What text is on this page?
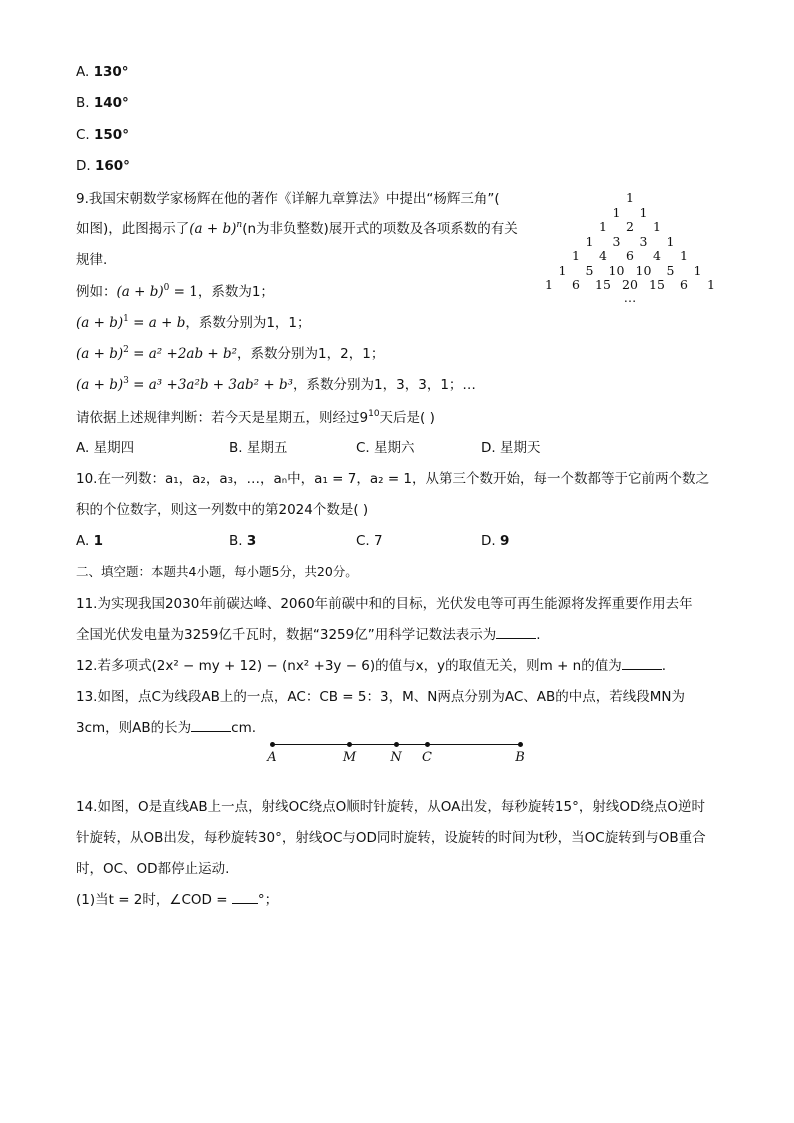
A. 130°
B. 140°
C. 150°
D. 160°
9.我国宋朝数学家杨辉在他的著作《详解九章算法》中提出“杨辉三角”(
如图)，此图揭示了$(a + b)^n(n$为非负整数)展开式的项数及各项系数的有关
规律.
例如：$(a + b)^0 = 1$，系数为1；
$(a + b)^1 = a + b$，系数分别为1，1；
$(a + b)^2 = a^2 +2ab + b^2$，系数分别为1，2，1；
$(a + b)^3 = a^3 +3a^2b + 3ab^2 + b^3$，系数分别为1，3，3，1；…
请依据上述规律判断：若今天是星期五，则经过$9^{10}$天后是( )
A. 星期四	B. 星期五	C. 星期六	D. 星期天
1
1 1
1 2 1
1 3 3 1
1 4 6 4 1
1 5 10 10 5 1
1 6 15 20 15 6 1
…
10.在一列数：a₁，a₂，a₃，…，aₙ中，a₁ = 7，a₂ = 1，从第三个数开始，每一个数都等于它前两个数之
积的个位数字，则这一列数中的第2024个数是( )
A. 1	B. 3	C. 7	D. 9
二、填空题：本题共4小题，每小题5分，共20分。
11.为实现我国2030年前碳达峰、2060年前碳中和的目标，光伏发电等可再生能源将发挥重要作用去年
全国光伏发电量为3259亿千瓦时，数据“3259亿”用科学记数法表示为	.
12.若多项式(2x² − my + 12) − (nx² +3y − 6)的值与x，y的取值无关，则m + n的值为	.
13.如图，点C为线段AB上的一点，AC：CB = 5：3，M、N两点分别为AC、AB的中点，若线段MN为
3cm，则AB的长为	cm.
A	M	N C	B
14.如图，O是直线AB上一点，射线OC绕点O顺时针旋转，从OA出发，每秒旋转15°，射线OD绕点O逆时
针旋转，从OB出发，每秒旋转30°，射线OC与OD同时旋转，设旋转的时间为t秒，当OC旋转到与OB重合
时，OC、OD都停止运动.
(1)当t = 2时，∠COD = °；
